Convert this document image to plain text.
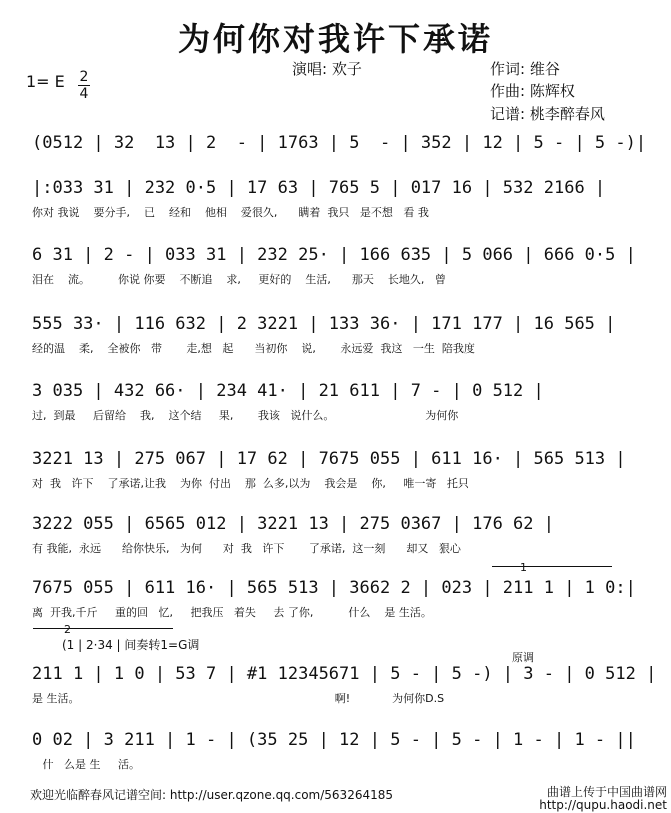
为何你对我许下承诺
演唱: 欢子	作词: 维谷
作曲: 陈辉权
记谱: 桃李醉春风
1= E 2
4
(0512 | 32  13 | 2  - | 1763 | 5  - | 352 | 12 | 5 - | 5 -)|
|:033 31 | 232 0·5 | 17 63 | 765 5 | 017 16 | 532 2166 |
你对 我说    要分手,    已    经和    他相    爱很久,      瞒着  我只   是不想   看 我
6 31 | 2 - | 033 31 | 232 25· | 166 635 | 5 066 | 666 0·5 |
泪在    流。        你说 你要    不断追    求,     更好的    生活,      那天    长地久,   曾
555 33· | 116 632 | 2 3221 | 133 36· | 171 177 | 16 565 |
经的温    柔,    全被你   带       走,想   起      当初你    说,       永远爱  我这   一生  陪我度
3 035 | 432 66· | 234 41· | 21 611 | 7 - | 0 512 |
过,  到最     后留给    我,    这个结     果,       我该   说什么。                          为何你
3221 13 | 275 067 | 17 62 | 7675 055 | 611 16· | 565 513 |
对  我   许下    了承诺,让我    为你  付出    那  么多,以为    我会是    你,     唯一寄   托只
3222 055 | 6565 012 | 3221 13 | 275 0367 | 176 62 |
有 我能,  永远      给你快乐,   为何      对  我   许下       了承诺,  这一刻      却又   狠心
7675 055 | 611 16· | 565 513 | 3662 2 | 023 | 211 1 | 1 0:|
离  开我,千斤     重的回   忆,     把我压   着失     去 了你,          什么    是 生活。
1
2
(1 | 2·34 | 间奏转1=G调
原调
211 1 | 1 0 | 53 7 | #1 12345671 | 5 - | 5 -) | 3 - | 0 512 |
是 生活。                                                                         啊!            为何你D.S
0 02 | 3 211 | 1 - | (35 25 | 12 | 5 - | 5 - | 1 - | 1 - ||
什   么是 生     活。
欢迎光临醉春风记谱空间: http://user.qzone.qq.com/563264185	曲谱上传于中国曲谱网
http://qupu.haodi.net
